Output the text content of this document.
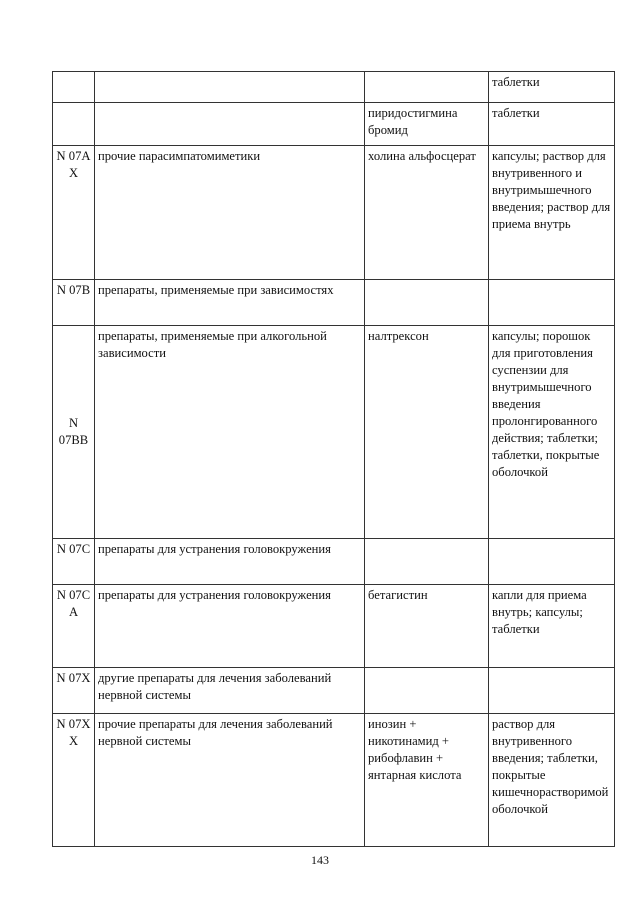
			таблетки
		пиридостигмина бромид	таблетки
N 07A X	прочие парасимпатомиметики	холина альфосцерат	капсулы; раствор для внутривенного и внутримышечного введения; раствор для приема внутрь
N 07B	препараты, применяемые при зависимостях		
N 07BB	препараты, применяемые при алкогольной зависимости	налтрексон	капсулы; порошок для приготовления суспензии для внутримышечного введения пролонгированного действия; таблетки; таблетки, покрытые оболочкой
N 07C	препараты для устранения головокружения		
N 07C A	препараты для устранения головокружения	бетагистин	капли для приема внутрь; капсулы; таблетки
N 07X	другие препараты для лечения заболеваний нервной системы		
N 07X X	прочие препараты для лечения заболеваний нервной системы	инозин + никотинамид + рибофлавин + янтарная кислота	раствор для внутривенного введения; таблетки, покрытые кишечнорастворимой оболочкой
143
